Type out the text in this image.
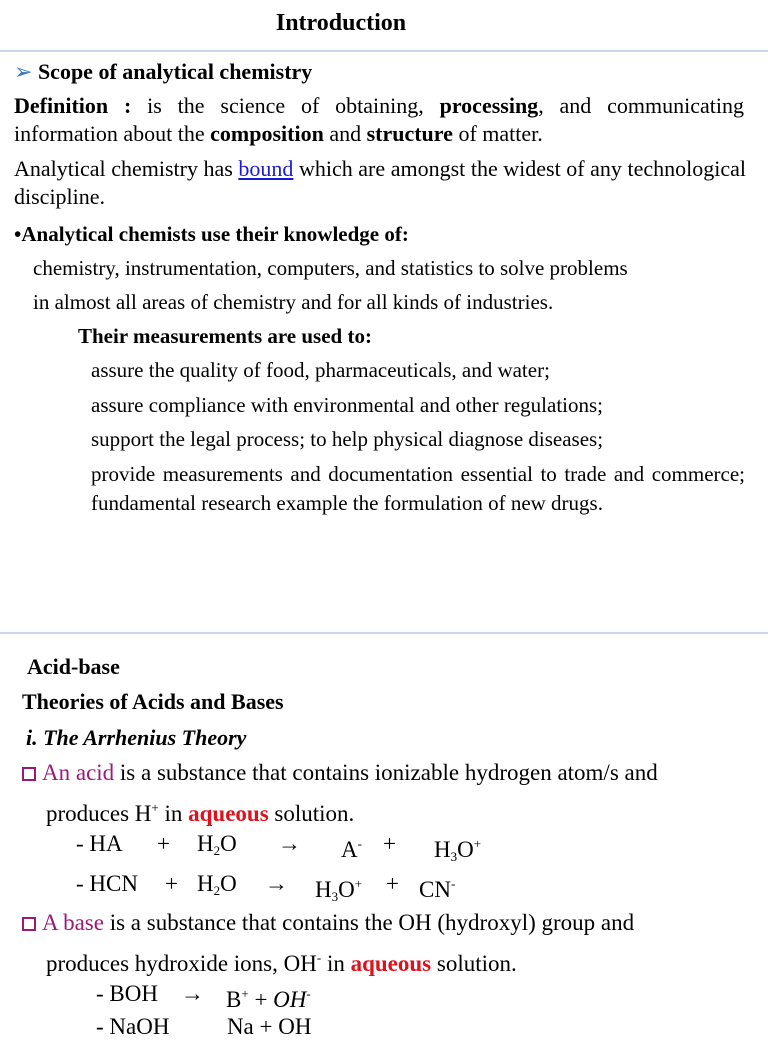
Introduction
➢ Scope of analytical chemistry
Definition : is the science of obtaining, processing, and communicating information about the composition and structure of matter.
Analytical chemistry has bound which are amongst the widest of any technological discipline.
•Analytical chemists use their knowledge of:
chemistry, instrumentation, computers, and statistics to solve problems
in almost all areas of chemistry and for all kinds of industries.
Their measurements are used to:
assure the quality of food, pharmaceuticals, and water;
assure compliance with environmental and other regulations;
support the legal process; to help physical diagnose diseases;
provide measurements and documentation essential to trade and commerce; fundamental research example the formulation of new drugs.
Acid-base
Theories of Acids and Bases
i. The Arrhenius Theory
An acid is a substance that contains ionizable hydrogen atom/s and
produces H+ in aqueous solution.
- HA + $H_2O \to A^- + H_3O^+$
- HCN + $H_2O \to H_3O^+ + CN^-$
A base is a substance that contains the OH (hydroxyl) group and
produces hydroxide ions, OH- in aqueous solution.
- BOH → B+ + OH-
- NaOH          Na + OH
